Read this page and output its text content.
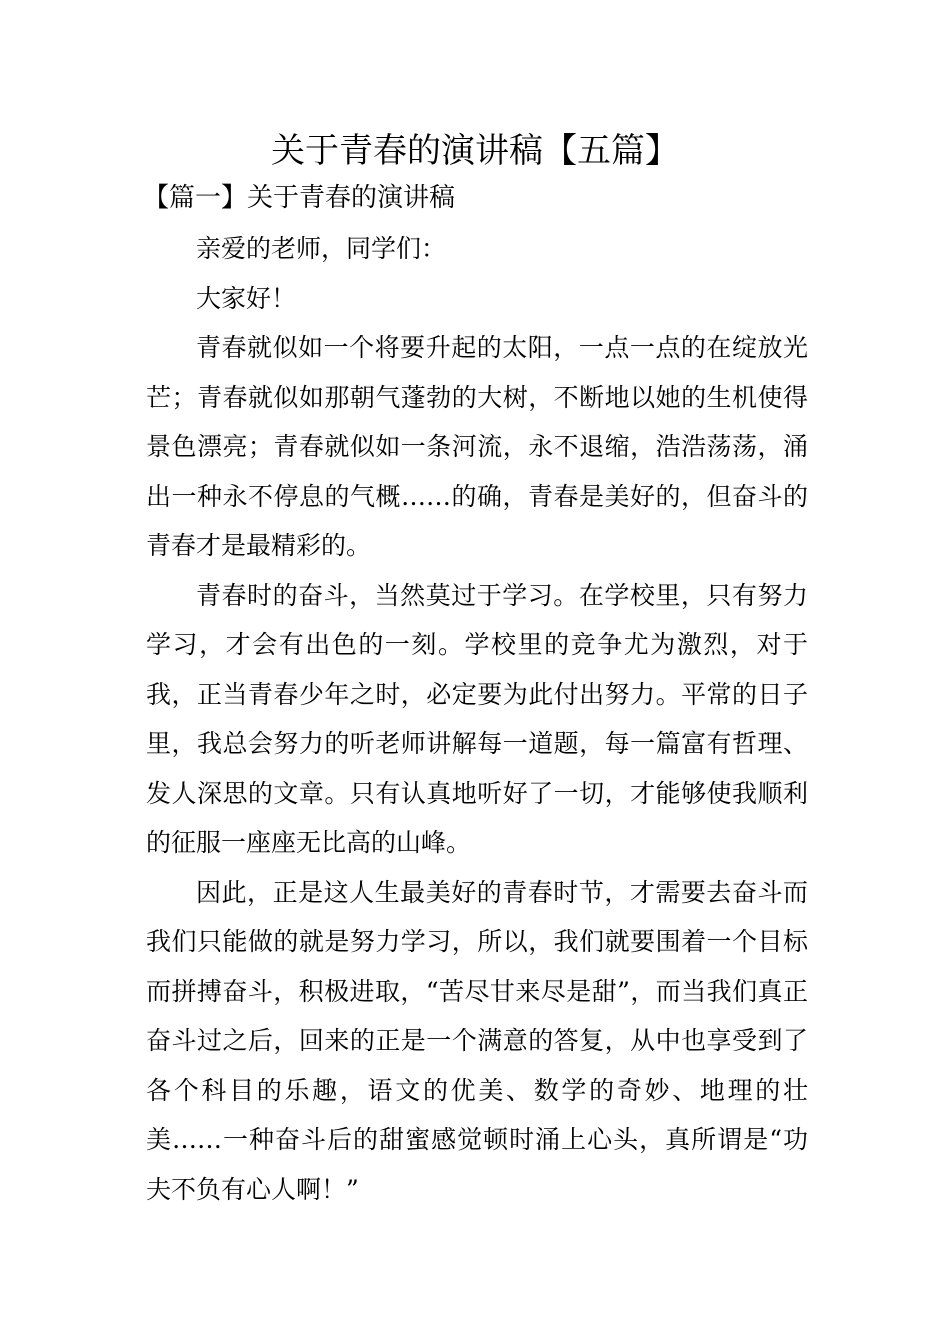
关于青春的演讲稿【五篇】
【篇一】关于青春的演讲稿

亲爱的老师，同学们：

大家好！

青春就似如一个将要升起的太阳，一点一点的在绽放光芒；青春就似如那朝气蓬勃的大树，不断地以她的生机使得景色漂亮；青春就似如一条河流，永不退缩，浩浩荡荡，涌出一种永不停息的气概……的确，青春是美好的，但奋斗的青春才是最精彩的。

青春时的奋斗，当然莫过于学习。在学校里，只有努力学习，才会有出色的一刻。学校里的竞争尤为激烈，对于我，正当青春少年之时，必定要为此付出努力。平常的日子里，我总会努力的听老师讲解每一道题，每一篇富有哲理、发人深思的文章。只有认真地听好了一切，才能够使我顺利的征服一座座无比高的山峰。

因此，正是这人生最美好的青春时节，才需要去奋斗而我们只能做的就是努力学习，所以，我们就要围着一个目标而拼搏奋斗，积极进取，“苦尽甘来尽是甜”，而当我们真正奋斗过之后，回来的正是一个满意的答复，从中也享受到了各个科目的乐趣，语文的优美、数学的奇妙、地理的壮美……一种奋斗后的甜蜜感觉顿时涌上心头，真所谓是“功夫不负有心人啊！”
